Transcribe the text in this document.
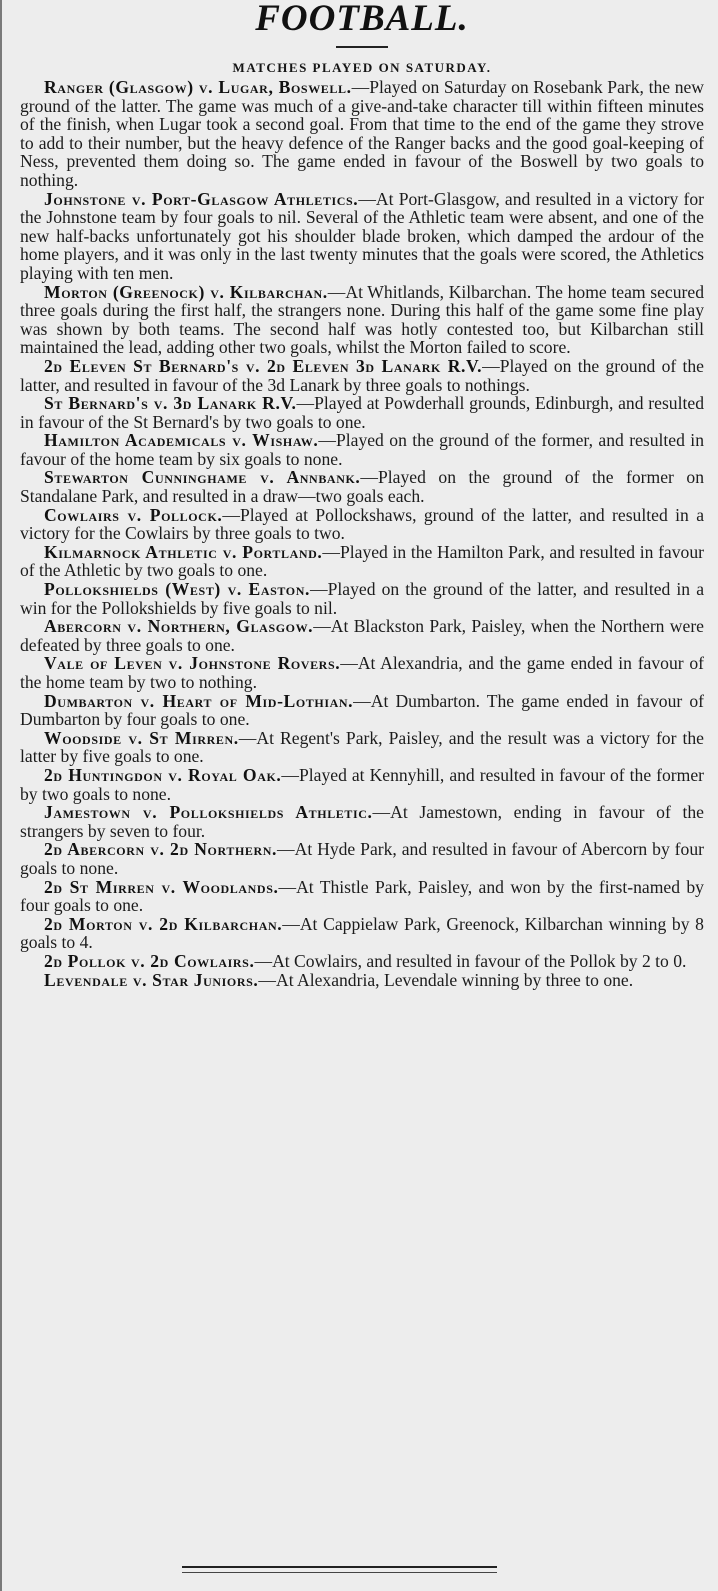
FOOTBALL.
MATCHES PLAYED ON SATURDAY.

Ranger (Glasgow) v. Lugar, Boswell.—Played on Saturday on Rosebank Park, the new ground of the latter. The game was much of a give-and-take character till within fifteen minutes of the finish, when Lugar took a second goal. From that time to the end of the game they strove to add to their number, but the heavy defence of the Ranger backs and the good goal-keeping of Ness, prevented them doing so. The game ended in favour of the Boswell by two goals to nothing.

Johnstone v. Port-Glasgow Athletics.—At Port-Glasgow, and resulted in a victory for the Johnstone team by four goals to nil. Several of the Athletic team were absent, and one of the new half-backs unfortunately got his shoulder blade broken, which damped the ardour of the home players, and it was only in the last twenty minutes that the goals were scored, the Athletics playing with ten men.

Morton (Greenock) v. Kilbarchan.—At Whitlands, Kilbarchan. The home team secured three goals during the first half, the strangers none. During this half of the game some fine play was shown by both teams. The second half was hotly contested too, but Kilbarchan still maintained the lead, adding other two goals, whilst the Morton failed to score.

2d Eleven St Bernard's v. 2d Eleven 3d Lanark R.V.—Played on the ground of the latter, and resulted in favour of the 3d Lanark by three goals to nothings.

St Bernard's v. 3d Lanark R.V.—Played at Powderhall grounds, Edinburgh, and resulted in favour of the St Bernard's by two goals to one.

Hamilton Academicals v. Wishaw.—Played on the ground of the former, and resulted in favour of the home team by six goals to none.

Stewarton Cunninghame v. Annbank.—Played on the ground of the former on Standalane Park, and resulted in a draw—two goals each.

Cowlairs v. Pollock.—Played at Pollockshaws, ground of the latter, and resulted in a victory for the Cowlairs by three goals to two.

Kilmarnock Athletic v. Portland.—Played in the Hamilton Park, and resulted in favour of the Athletic by two goals to one.

Pollokshields (West) v. Easton.—Played on the ground of the latter, and resulted in a win for the Pollokshields by five goals to nil.

Abercorn v. Northern, Glasgow.—At Blackston Park, Paisley, when the Northern were defeated by three goals to one.

Vale of Leven v. Johnstone Rovers.—At Alexandria, and the game ended in favour of the home team by two to nothing.

Dumbarton v. Heart of Mid-Lothian.—At Dumbarton. The game ended in favour of Dumbarton by four goals to one.

Woodside v. St Mirren.—At Regent's Park, Paisley, and the result was a victory for the latter by five goals to one.

2d Huntingdon v. Royal Oak.—Played at Kennyhill, and resulted in favour of the former by two goals to none.

Jamestown v. Pollokshields Athletic.—At Jamestown, ending in favour of the strangers by seven to four.

2d Abercorn v. 2d Northern.—At Hyde Park, and resulted in favour of Abercorn by four goals to none.

2d St Mirren v. Woodlands.—At Thistle Park, Paisley, and won by the first-named by four goals to one.

2d Morton v. 2d Kilbarchan.—At Cappielaw Park, Greenock, Kilbarchan winning by 8 goals to 4.

2d Pollok v. 2d Cowlairs.—At Cowlairs, and resulted in favour of the Pollok by 2 to 0.

Levendale v. Star Juniors.—At Alexandria, Levendale winning by three to one.
